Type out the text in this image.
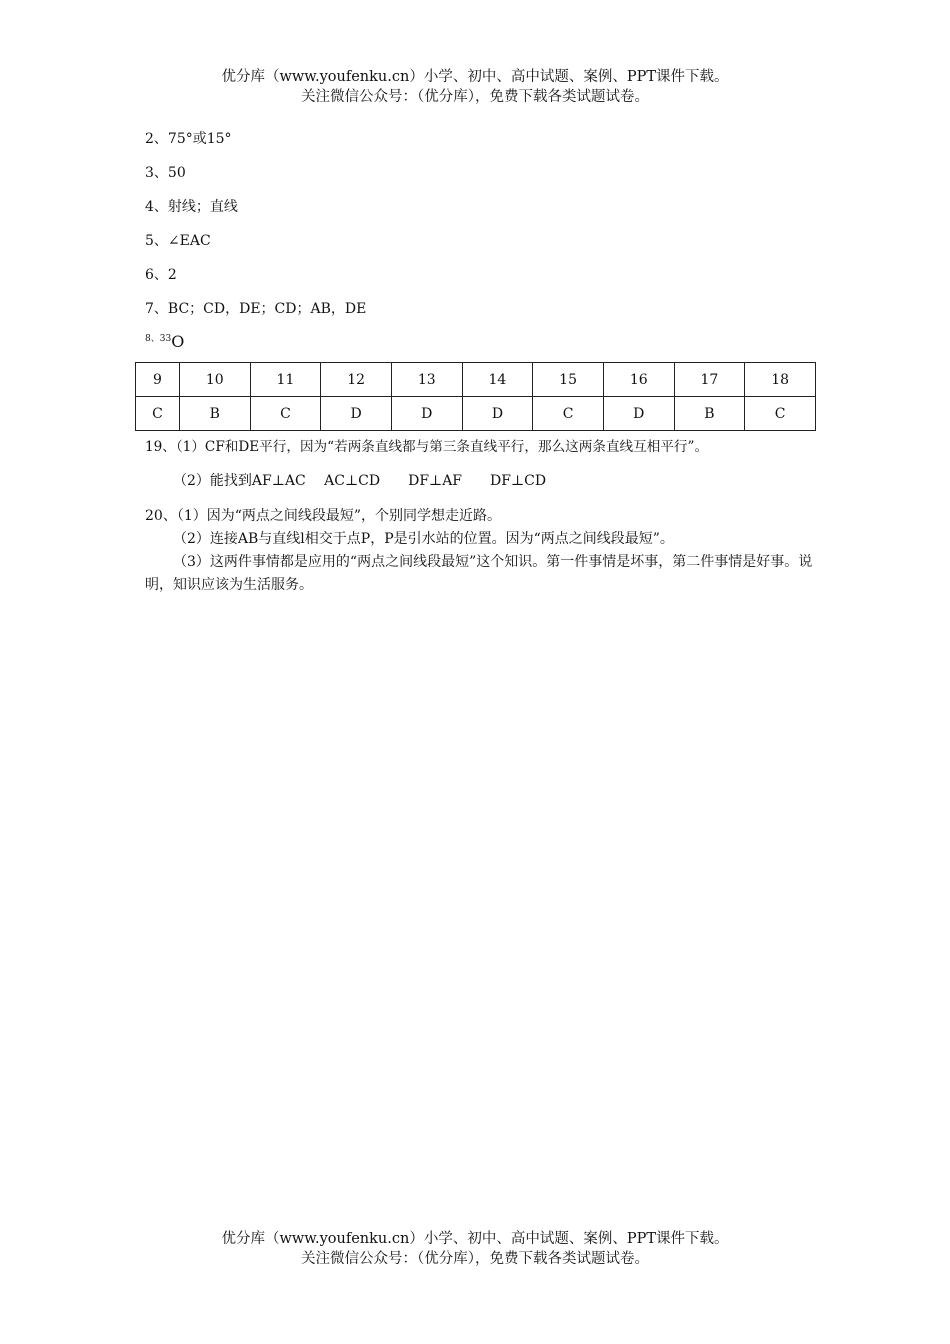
优分库（www.youfenku.cn）小学、初中、高中试题、案例、PPT课件下载。
关注微信公众号：（优分库），免费下载各类试题试卷。
2、75°或15°
3、50
4、射线；直线
5、∠EAC
6、2
7、BC；CD，DE；CD；AB，DE
$^{8、33}$O
9	10	11	12	13	14	15	16	17	18
C	B	C	D	D	D	C	D	B	C
19、（1）CF和DE平行，因为“若两条直线都与第三条直线平行，那么这两条直线互相平行”。
（2）能找到AF⊥AC　 AC⊥CD　　DF⊥AF　　DF⊥CD
20、（1）因为“两点之间线段最短”，个别同学想走近路。
（2）连接AB与直线l相交于点P，P是引水站的位置。因为“两点之间线段最短”。
（3）这两件事情都是应用的“两点之间线段最短”这个知识。第一件事情是坏事，第二件事情是好事。说明，知识应该为生活服务。
优分库（www.youfenku.cn）小学、初中、高中试题、案例、PPT课件下载。
关注微信公众号：（优分库），免费下载各类试题试卷。
